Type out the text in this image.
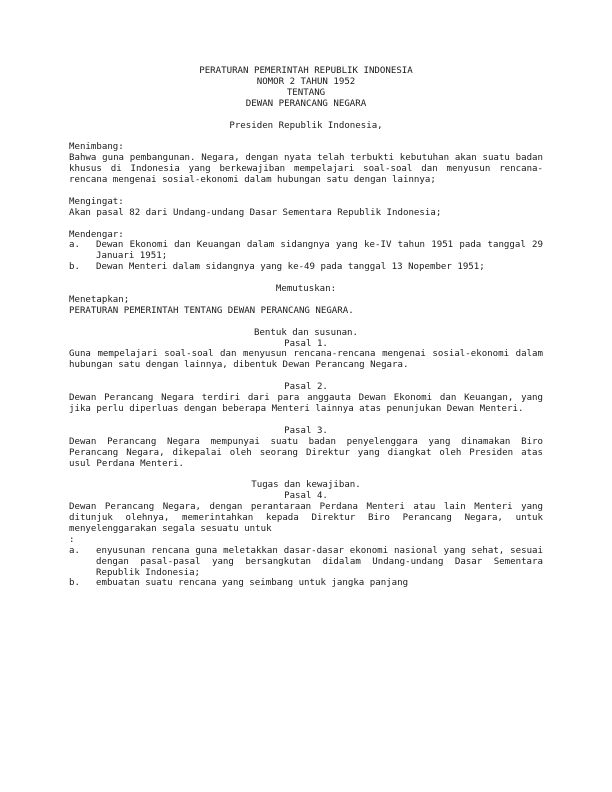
PERATURAN PEMERINTAH REPUBLIK INDONESIA
NOMOR 2 TAHUN 1952
TENTANG
DEWAN PERANCANG NEGARA
Presiden Republik Indonesia,
Menimbang:

Bahwa guna pembangunan. Negara, dengan nyata telah terbukti kebutuhan akan suatu badan khusus di Indonesia yang berkewajiban mempelajari soal-soal dan menyusun rencana-rencana mengenai sosial-ekonomi dalam hubungan satu dengan lainnya;

Mengingat:

Akan pasal 82 dari Undang-undang Dasar Sementara Republik Indonesia;

Mendengar:
a.	Dewan Ekonomi dan Keuangan dalam sidangnya yang ke-IV tahun 1951 pada tanggal 29 Januari 1951;
b.	Dewan Menteri dalam sidangnya yang ke-49 pada tanggal 13 Nopember 1951;
Memutuskan:
Menetapkan;
PERATURAN PEMERINTAH TENTANG DEWAN PERANCANG NEGARA.
Bentuk dan susunan.
Pasal 1.

Guna mempelajari soal-soal dan menyusun rencana-rencana mengenai sosial-ekonomi dalam hubungan satu dengan lainnya, dibentuk Dewan Perancang Negara.

Pasal 2.

Dewan Perancang Negara terdiri dari para anggauta Dewan Ekonomi dan Keuangan, yang jika perlu diperluas dengan beberapa Menteri lainnya atas penunjukan Dewan Menteri.

Pasal 3.

Dewan Perancang Negara mempunyai suatu badan penyelenggara yang dinamakan Biro Perancang Negara, dikepalai oleh seorang Direktur yang diangkat oleh Presiden atas usul Perdana Menteri.

Tugas dan kewajiban.
Pasal 4.

Dewan Perancang Negara, dengan perantaraan Perdana Menteri atau lain Menteri yang ditunjuk olehnya, memerintahkan kepada Direktur Biro Perancang Negara, untuk menyelenggarakan segala sesuatu untuk

:
a.	enyusunan rencana guna meletakkan dasar-dasar ekonomi nasional yang sehat, sesuai dengan pasal-pasal yang bersangkutan didalam Undang-undang Dasar Sementara Republik Indonesia;
b.	embuatan suatu rencana yang seimbang untuk jangka panjang
